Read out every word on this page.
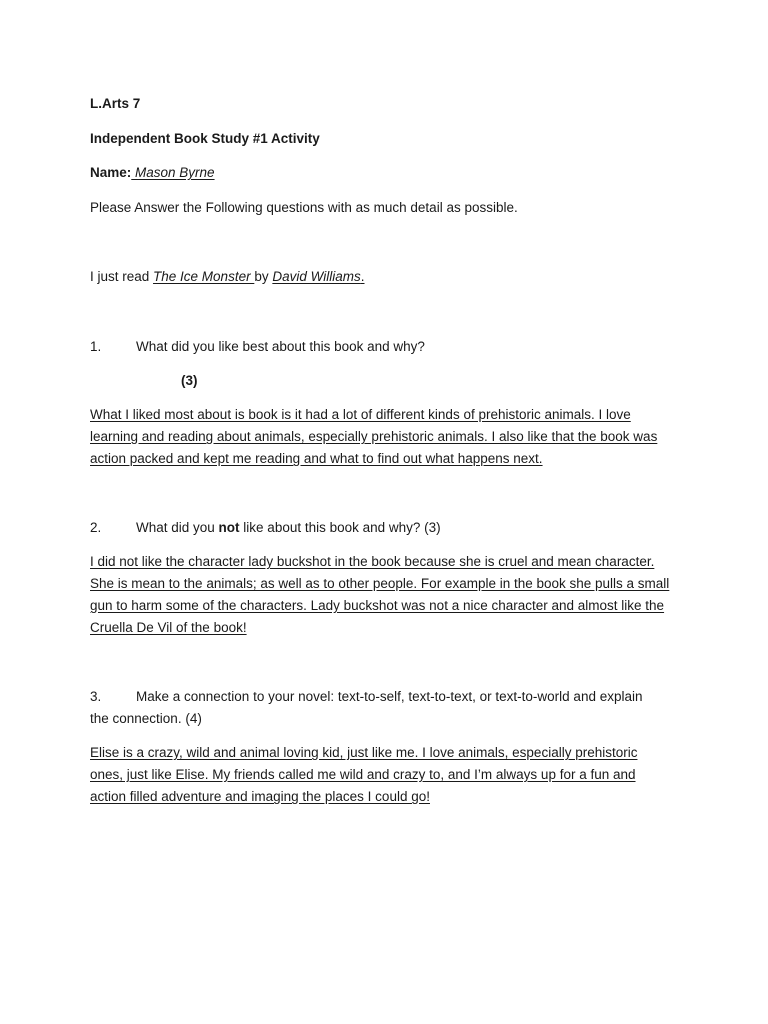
L.Arts 7
Independent Book Study #1 Activity
Name: Mason Byrne
Please Answer the Following questions with as much detail as possible.
I just read The Ice Monster by David Williams.
1.	What did you like best about this book and why?
(3)
What I liked most about is book is it had a lot of different kinds of prehistoric animals. I love
learning and reading about animals, especially prehistoric animals. I also like that the book was
action packed and kept me reading and what to find out what happens next.
2.	What did you not like about this book and why? (3)
I did not like the character lady buckshot in the book because she is cruel and mean character.
She is mean to the animals; as well as to other people. For example in the book she pulls a small
gun to harm some of the characters. Lady buckshot was not a nice character and almost like the
Cruella De Vil of the book!
3.	Make a connection to your novel: text-to-self, text-to-text, or text-to-world and explain
the connection. (4)
Elise is a crazy, wild and animal loving kid, just like me. I love animals, especially prehistoric
ones, just like Elise. My friends called me wild and crazy to, and I’m always up for a fun and
action filled adventure and imaging the places I could go!
